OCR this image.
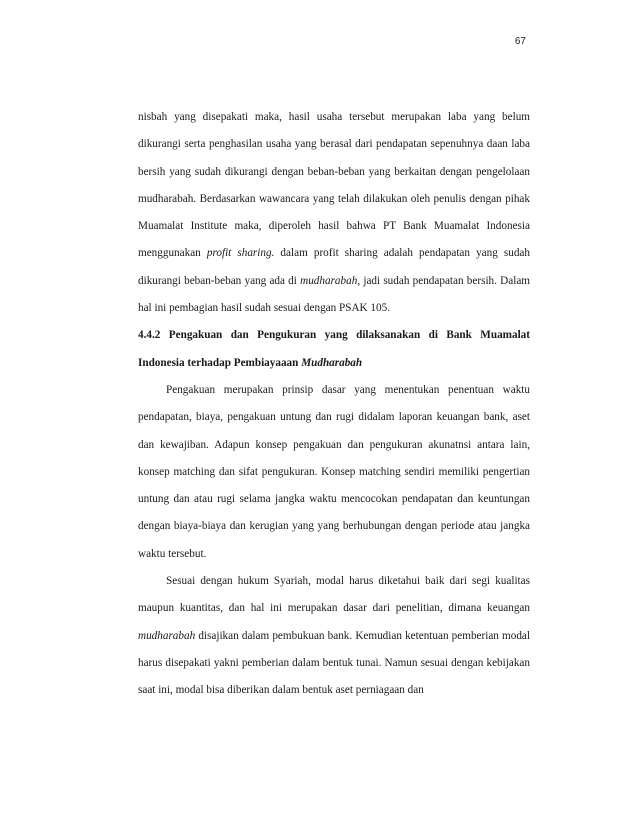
67

nisbah yang disepakati maka, hasil usaha tersebut merupakan laba yang belum dikurangi serta penghasilan usaha yang berasal dari pendapatan sepenuhnya daan laba bersih yang sudah dikurangi dengan beban-beban yang berkaitan dengan pengelolaan mudharabah. Berdasarkan wawancara yang telah dilakukan oleh penulis dengan pihak Muamalat Institute maka, diperoleh hasil bahwa PT Bank Muamalat Indonesia menggunakan profit sharing. dalam profit sharing adalah pendapatan yang sudah dikurangi beban-beban yang ada di mudharabah, jadi sudah pendapatan bersih. Dalam hal ini pembagian hasil sudah sesuai dengan PSAK 105.

4.4.2 Pengakuan dan Pengukuran yang dilaksanakan di Bank Muamalat Indonesia terhadap Pembiayaaan Mudharabah

Pengakuan merupakan prinsip dasar yang menentukan penentuan waktu pendapatan, biaya, pengakuan untung dan rugi didalam laporan keuangan bank, aset dan kewajiban. Adapun konsep pengakuan dan pengukuran akunatnsi antara lain, konsep matching dan sifat pengukuran. Konsep matching sendiri memiliki pengertian untung dan atau rugi selama jangka waktu mencocokan pendapatan dan keuntungan dengan biaya-biaya dan kerugian yang yang berhubungan dengan periode atau jangka waktu tersebut.

Sesuai dengan hukum Syariah, modal harus diketahui baik dari segi kualitas maupun kuantitas, dan hal ini merupakan dasar dari penelitian, dimana keuangan mudharabah disajikan dalam pembukuan bank. Kemudian ketentuan pemberian modal harus disepakati yakni pemberian dalam bentuk tunai. Namun sesuai dengan kebijakan saat ini, modal bisa diberikan dalam bentuk aset perniagaan dan
